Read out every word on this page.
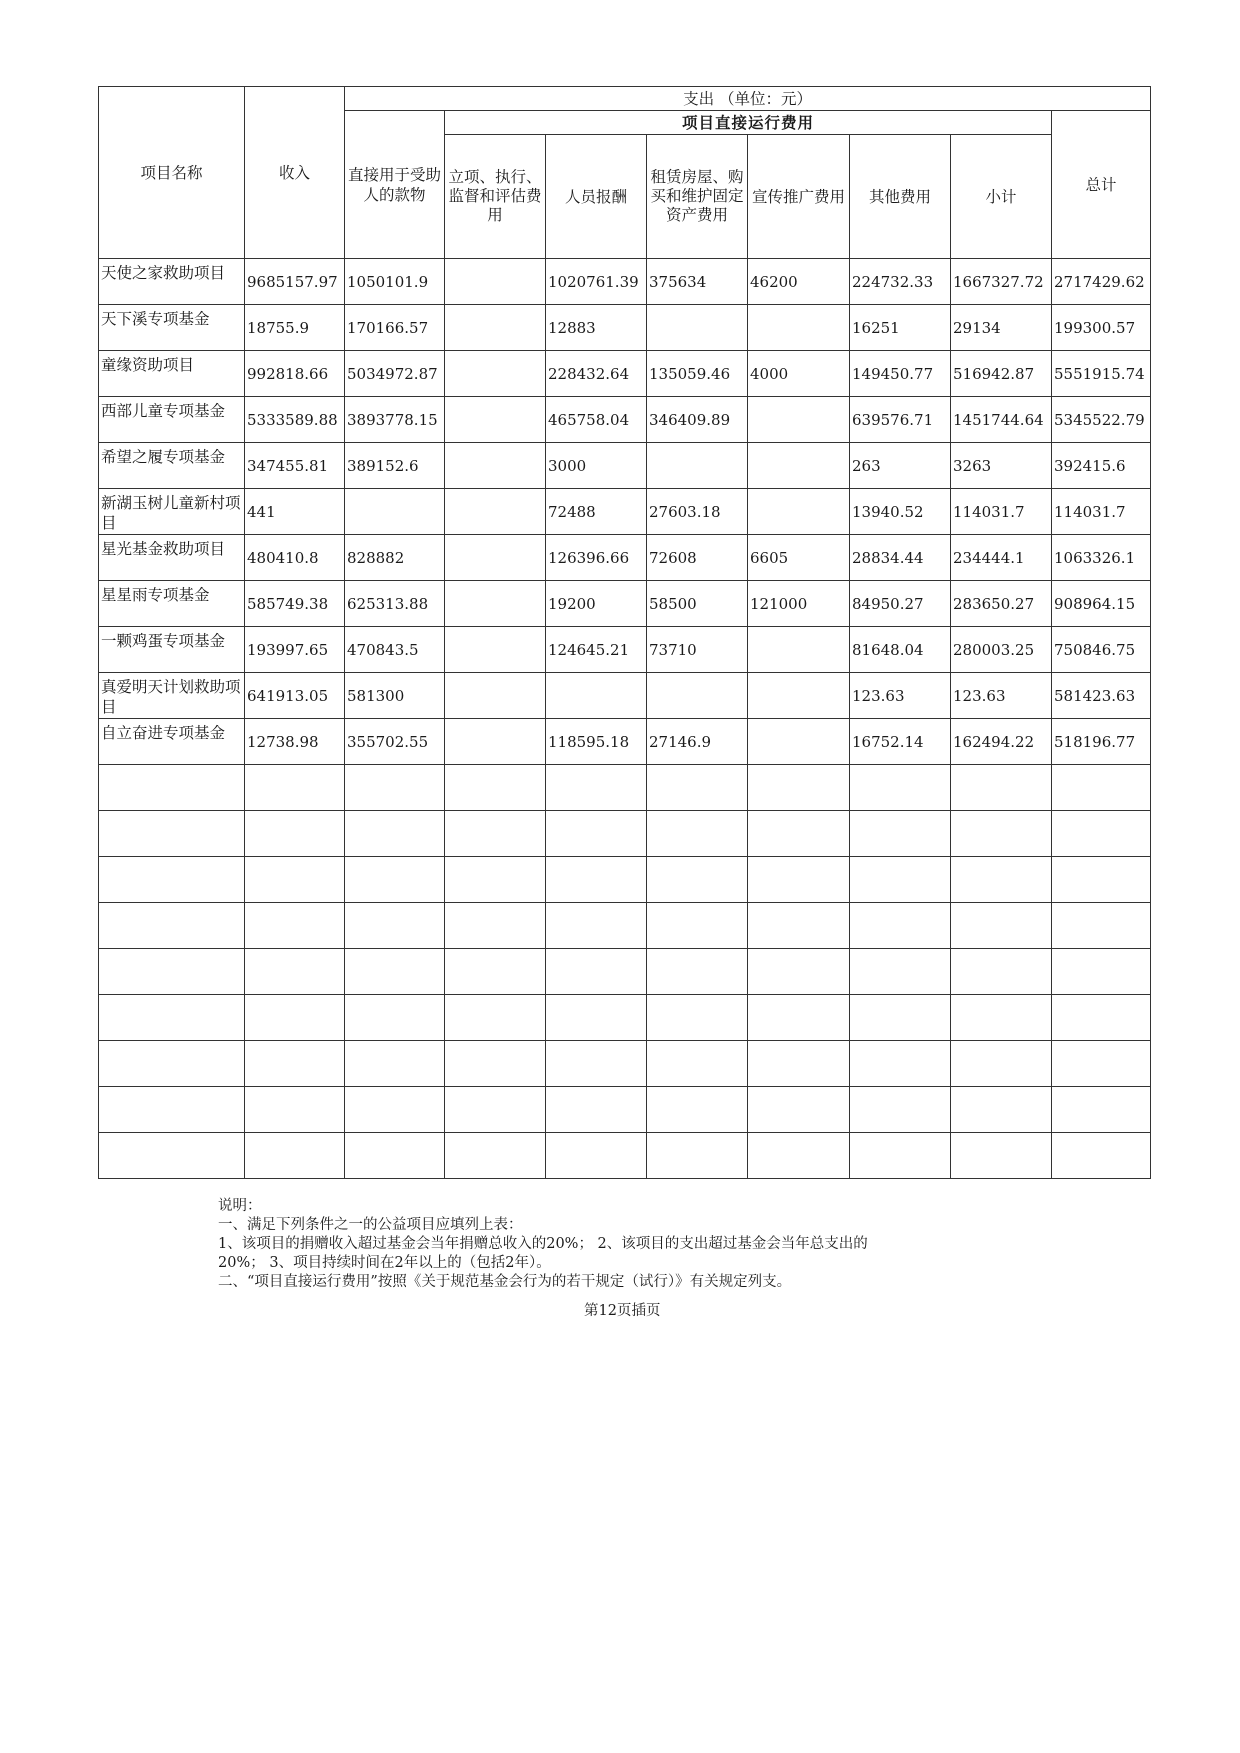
项目名称	收入	支出 （单位：元）							
		直接用于受助人的款物	项目直接运行费用						总计
			立项、执行、监督和评估费用	人员报酬	租赁房屋、购买和维护固定资产费用	宣传推广费用	其他费用	小计	
天使之家救助项目	9685157.97	1050101.9		1020761.39	375634	46200	224732.33	1667327.72	2717429.62
天下溪专项基金	18755.9	170166.57		12883			16251	29134	199300.57
童缘资助项目	992818.66	5034972.87		228432.64	135059.46	4000	149450.77	516942.87	5551915.74
西部儿童专项基金	5333589.88	3893778.15		465758.04	346409.89		639576.71	1451744.64	5345522.79
希望之履专项基金	347455.81	389152.6		3000			263	3263	392415.6
新湖玉树儿童新村项目	441			72488	27603.18		13940.52	114031.7	114031.7
星光基金救助项目	480410.8	828882		126396.66	72608	6605	28834.44	234444.1	1063326.1
星星雨专项基金	585749.38	625313.88		19200	58500	121000	84950.27	283650.27	908964.15
一颗鸡蛋专项基金	193997.65	470843.5		124645.21	73710		81648.04	280003.25	750846.75
真爱明天计划救助项目	641913.05	581300					123.63	123.63	581423.63
自立奋进专项基金	12738.98	355702.55		118595.18	27146.9		16752.14	162494.22	518196.77

说明：
一、满足下列条件之一的公益项目应填列上表：
1、该项目的捐赠收入超过基金会当年捐赠总收入的20%； 2、该项目的支出超过基金会当年总支出的
20%； 3、项目持续时间在2年以上的（包括2年）。
二、“项目直接运行费用”按照《关于规范基金会行为的若干规定（试行）》有关规定列支。
第12页插页
